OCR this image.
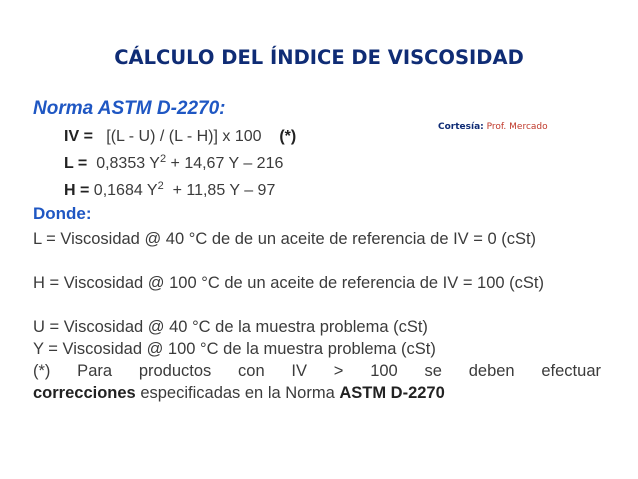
CÁLCULO DEL ÍNDICE DE VISCOSIDAD
Norma ASTM D-2270:
Cortesía: Prof. Mercado
IV = [(L - U) / (L - H)] x 100 (*)
L = 0,8353 $Y^2 + 14,67$ Y – 216
H = 0,1684 $Y^2 + 11,85$ Y – 97
Donde:
L = Viscosidad @ 40 °C de de un aceite de referencia de IV = 0 (cSt)
H = Viscosidad @ 100 °C de un aceite de referencia de IV = 100 (cSt)
U = Viscosidad @ 40 °C de la muestra problema (cSt)
Y = Viscosidad @ 100 °C de la muestra problema (cSt)
(*) Para productos con IV > 100 se deben efectuar
correcciones especificadas en la Norma ASTM D-2270
